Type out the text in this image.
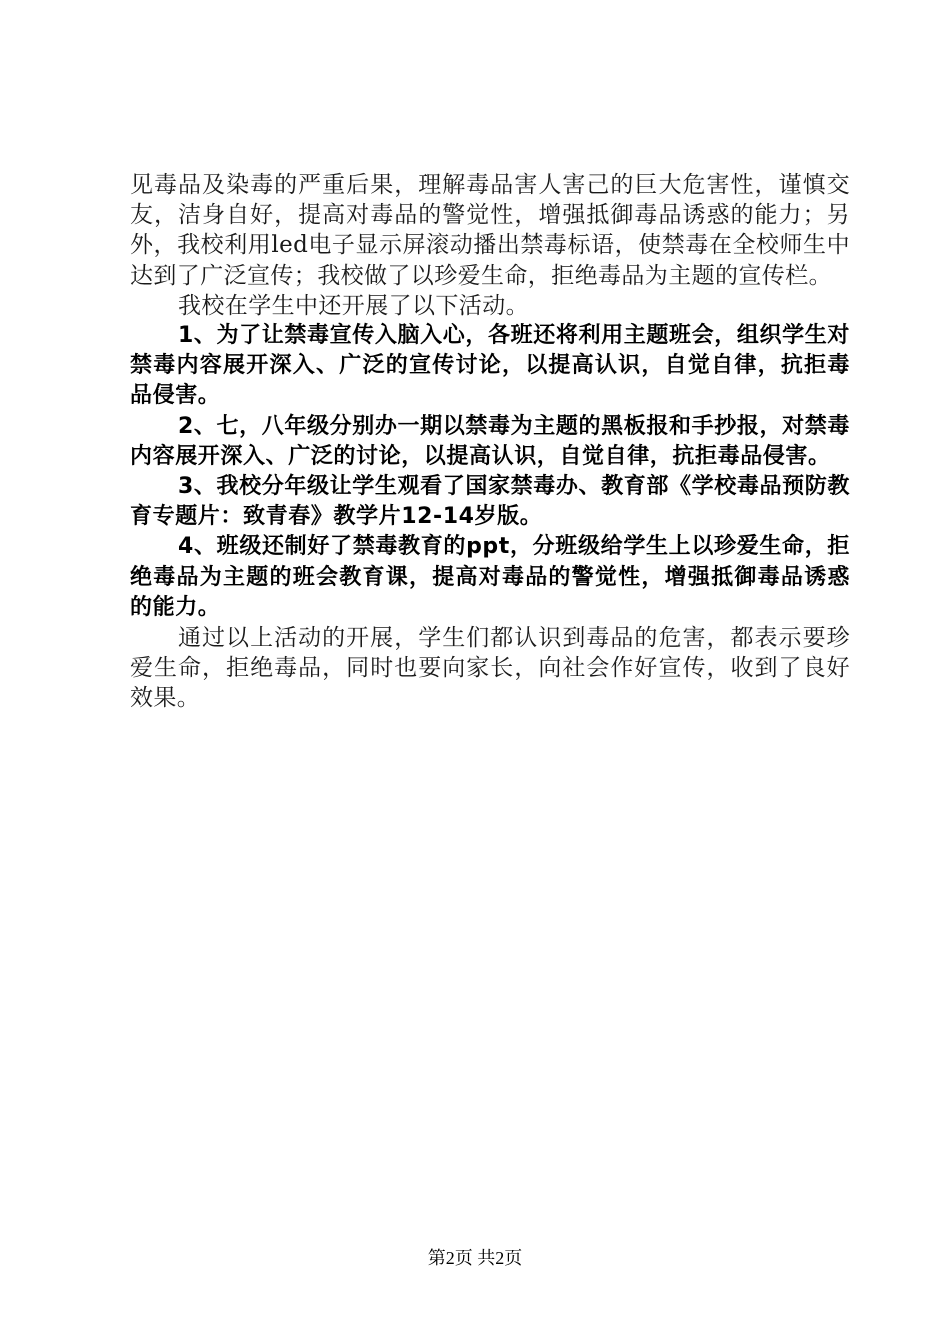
见毒品及染毒的严重后果，理解毒品害人害己的巨大危害性，谨慎交友，洁身自好，提高对毒品的警觉性，增强抵御毒品诱惑的能力；另外，我校利用led电子显示屏滚动播出禁毒标语，使禁毒在全校师生中达到了广泛宣传；我校做了以珍爱生命，拒绝毒品为主题的宣传栏。

我校在学生中还开展了以下活动。

1、为了让禁毒宣传入脑入心，各班还将利用主题班会，组织学生对禁毒内容展开深入、广泛的宣传讨论，以提高认识，自觉自律，抗拒毒品侵害。

2、七，八年级分别办一期以禁毒为主题的黑板报和手抄报，对禁毒内容展开深入、广泛的讨论，以提高认识，自觉自律，抗拒毒品侵害。

3、我校分年级让学生观看了国家禁毒办、教育部《学校毒品预防教育专题片：致青春》教学片12-14岁版。

4、班级还制好了禁毒教育的ppt，分班级给学生上以珍爱生命，拒绝毒品为主题的班会教育课，提高对毒品的警觉性，增强抵御毒品诱惑的能力。

通过以上活动的开展，学生们都认识到毒品的危害，都表示要珍爱生命，拒绝毒品，同时也要向家长，向社会作好宣传，收到了良好效果。

第2页 共2页
